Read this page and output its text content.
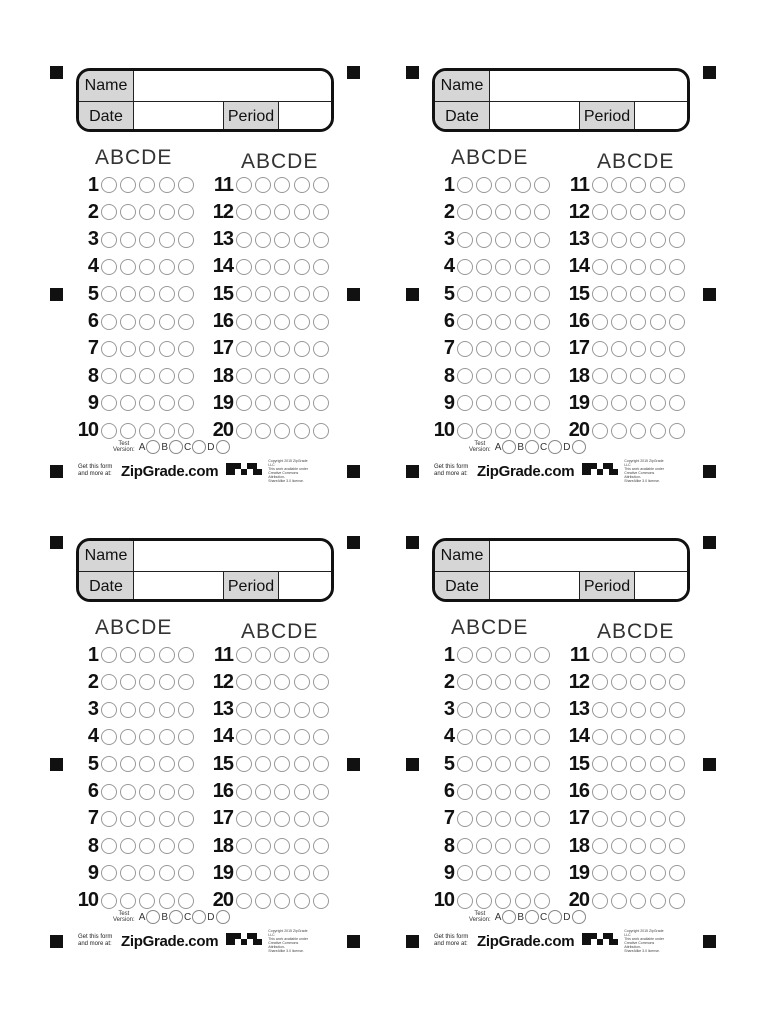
Name
Date	Period
ABCDE	ABCDE
1
2
3
4
5
6
7
8
9
10
11
12
13
14
15
16
17
18
19
20
Test
Version: A B C D
Get this form
and more at: ZipGrade.com
Copyright 2015 ZipGrade LLC
This work available under
Creative Commons Attribution-
ShareAlike 3.0 license.
Name
Date	Period
ABCDE	ABCDE
1
2
3
4
5
6
7
8
9
10
11
12
13
14
15
16
17
18
19
20
Test
Version: A B C D
Get this form
and more at: ZipGrade.com
Copyright 2015 ZipGrade LLC
This work available under
Creative Commons Attribution-
ShareAlike 3.0 license.
Name
Date	Period
ABCDE	ABCDE
1
2
3
4
5
6
7
8
9
10
11
12
13
14
15
16
17
18
19
20
Test
Version: A B C D
Get this form
and more at: ZipGrade.com
Copyright 2015 ZipGrade LLC
This work available under
Creative Commons Attribution-
ShareAlike 3.0 license.
Name
Date	Period
ABCDE	ABCDE
1
2
3
4
5
6
7
8
9
10
11
12
13
14
15
16
17
18
19
20
Test
Version: A B C D
Get this form
and more at: ZipGrade.com
Copyright 2015 ZipGrade LLC
This work available under
Creative Commons Attribution-
ShareAlike 3.0 license.
